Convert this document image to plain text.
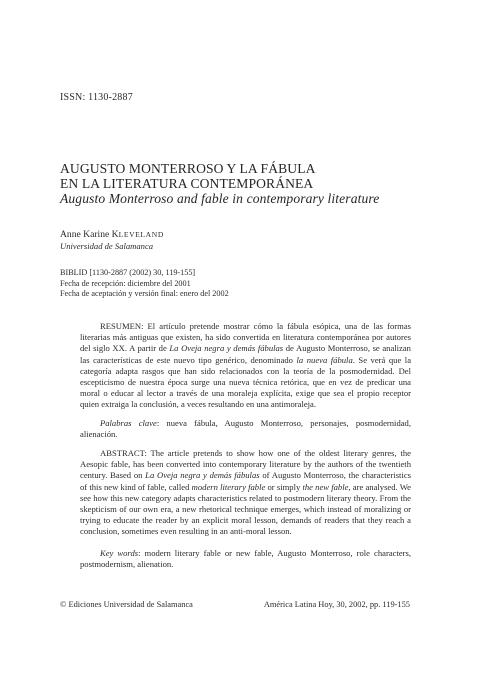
ISSN: 1130-2887
AUGUSTO MONTERROSO Y LA FÁBULA
EN LA LITERATURA CONTEMPORÁNEA
Augusto Monterroso and fable in contemporary literature
Anne Karine KLEVELAND
Universidad de Salamanca
BIBLID [1130-2887 (2002) 30, 119-155]
Fecha de recepción: diciembre del 2001
Fecha de aceptación y versión final: enero del 2002

RESUMEN: El artículo pretende mostrar cómo la fábula esópica, una de las formas literarias más antiguas que existen, ha sido convertida en literatura contemporánea por autores del siglo XX. A partir de La Oveja negra y demás fábulas de Augusto Monterroso, se analizan las características de este nuevo tipo genérico, denominado la nueva fábula. Se verá que la categoría adapta rasgos que han sido relacionados con la teoría de la posmodernidad. Del escepticismo de nuestra época surge una nueva técnica retórica, que en vez de predicar una moral o educar al lector a través de una moraleja explícita, exige que sea el propio receptor quien extraiga la conclusión, a veces resultando en una antimoraleja.

Palabras clave: nueva fábula, Augusto Monterroso, personajes, posmodernidad, alienación.

ABSTRACT: The article pretends to show how one of the oldest literary genres, the Aesopic fable, has been converted into contemporary literature by the authors of the twentieth century. Based on La Oveja negra y demás fábulas of Augusto Monterroso, the characteristics of this new kind of fable, called modern literary fable or simply the new fable, are analysed. We see how this new category adapts characteristics related to postmodern literary theory. From the skepticism of our own era, a new rhetorical technique emerges, which instead of moralizing or trying to educate the reader by an explicit moral lesson, demands of readers that they reach a conclusion, sometimes even resulting in an anti-moral lesson.

Key words: modern literary fable or new fable, Augusto Monterroso, role characters, postmodernism, alienation.

© Ediciones Universidad de Salamanca	América Latina Hoy, 30, 2002, pp. 119-155
